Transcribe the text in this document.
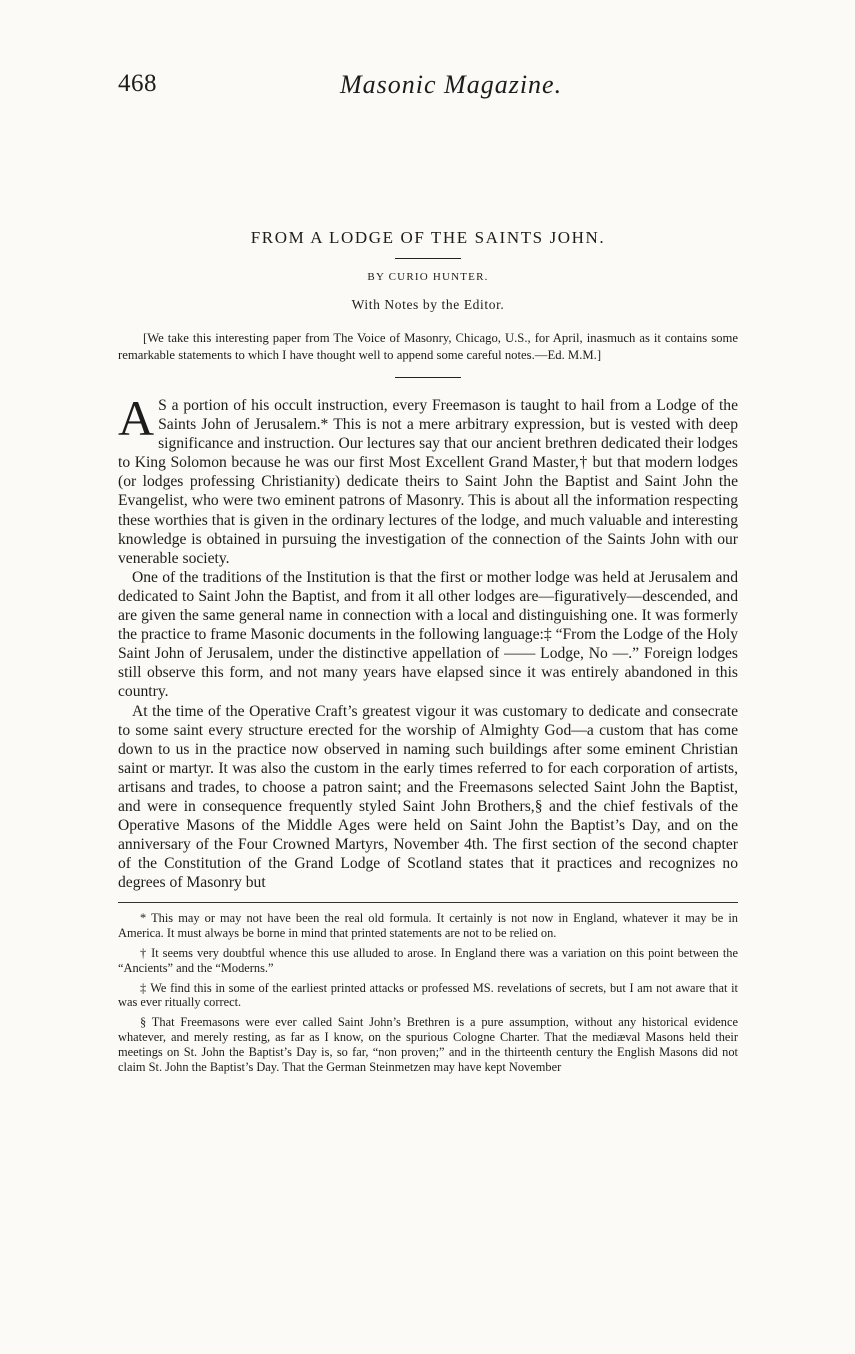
468	Masonic Magazine.
FROM A LODGE OF THE SAINTS JOHN.
BY CURIO HUNTER.
With Notes by the Editor.
[We take this interesting paper from The Voice of Masonry, Chicago, U.S., for April, inasmuch as it contains some remarkable statements to which I have thought well to append some careful notes.—Ed. M.M.]

A S a portion of his occult instruction, every Freemason is taught to hail from a Lodge of the Saints John of Jerusalem.* This is not a mere arbitrary expression, but is vested with deep significance and instruction. Our lectures say that our ancient brethren dedicated their lodges to King Solomon because he was our first Most Excellent Grand Master,† but that modern lodges (or lodges professing Christianity) dedicate theirs to Saint John the Baptist and Saint John the Evangelist, who were two eminent patrons of Masonry. This is about all the information respecting these worthies that is given in the ordinary lectures of the lodge, and much valuable and interesting knowledge is obtained in pursuing the investigation of the connection of the Saints John with our venerable society.

One of the traditions of the Institution is that the first or mother lodge was held at Jerusalem and dedicated to Saint John the Baptist, and from it all other lodges are—figuratively—descended, and are given the same general name in connection with a local and distinguishing one. It was formerly the practice to frame Masonic documents in the following language:‡ “From the Lodge of the Holy Saint John of Jerusalem, under the distinctive appellation of —— Lodge, No —.” Foreign lodges still observe this form, and not many years have elapsed since it was entirely abandoned in this country.

At the time of the Operative Craft’s greatest vigour it was customary to dedicate and consecrate to some saint every structure erected for the worship of Almighty God—a custom that has come down to us in the practice now observed in naming such buildings after some eminent Christian saint or martyr. It was also the custom in the early times referred to for each corporation of artists, artisans and trades, to choose a patron saint; and the Freemasons selected Saint John the Baptist, and were in consequence frequently styled Saint John Brothers,§ and the chief festivals of the Operative Masons of the Middle Ages were held on Saint John the Baptist’s Day, and on the anniversary of the Four Crowned Martyrs, November 4th. The first section of the second chapter of the Constitution of the Grand Lodge of Scotland states that it practices and recognizes no degrees of Masonry but

* This may or may not have been the real old formula. It certainly is not now in England, whatever it may be in America. It must always be borne in mind that printed statements are not to be relied on.

† It seems very doubtful whence this use alluded to arose. In England there was a variation on this point between the “Ancients” and the “Moderns.”

‡ We find this in some of the earliest printed attacks or professed MS. revelations of secrets, but I am not aware that it was ever ritually correct.

§ That Freemasons were ever called Saint John’s Brethren is a pure assumption, without any historical evidence whatever, and merely resting, as far as I know, on the spurious Cologne Charter. That the mediæval Masons held their meetings on St. John the Baptist’s Day is, so far, “non proven;” and in the thirteenth century the English Masons did not claim St. John the Baptist’s Day. That the German Steinmetzen may have kept November
